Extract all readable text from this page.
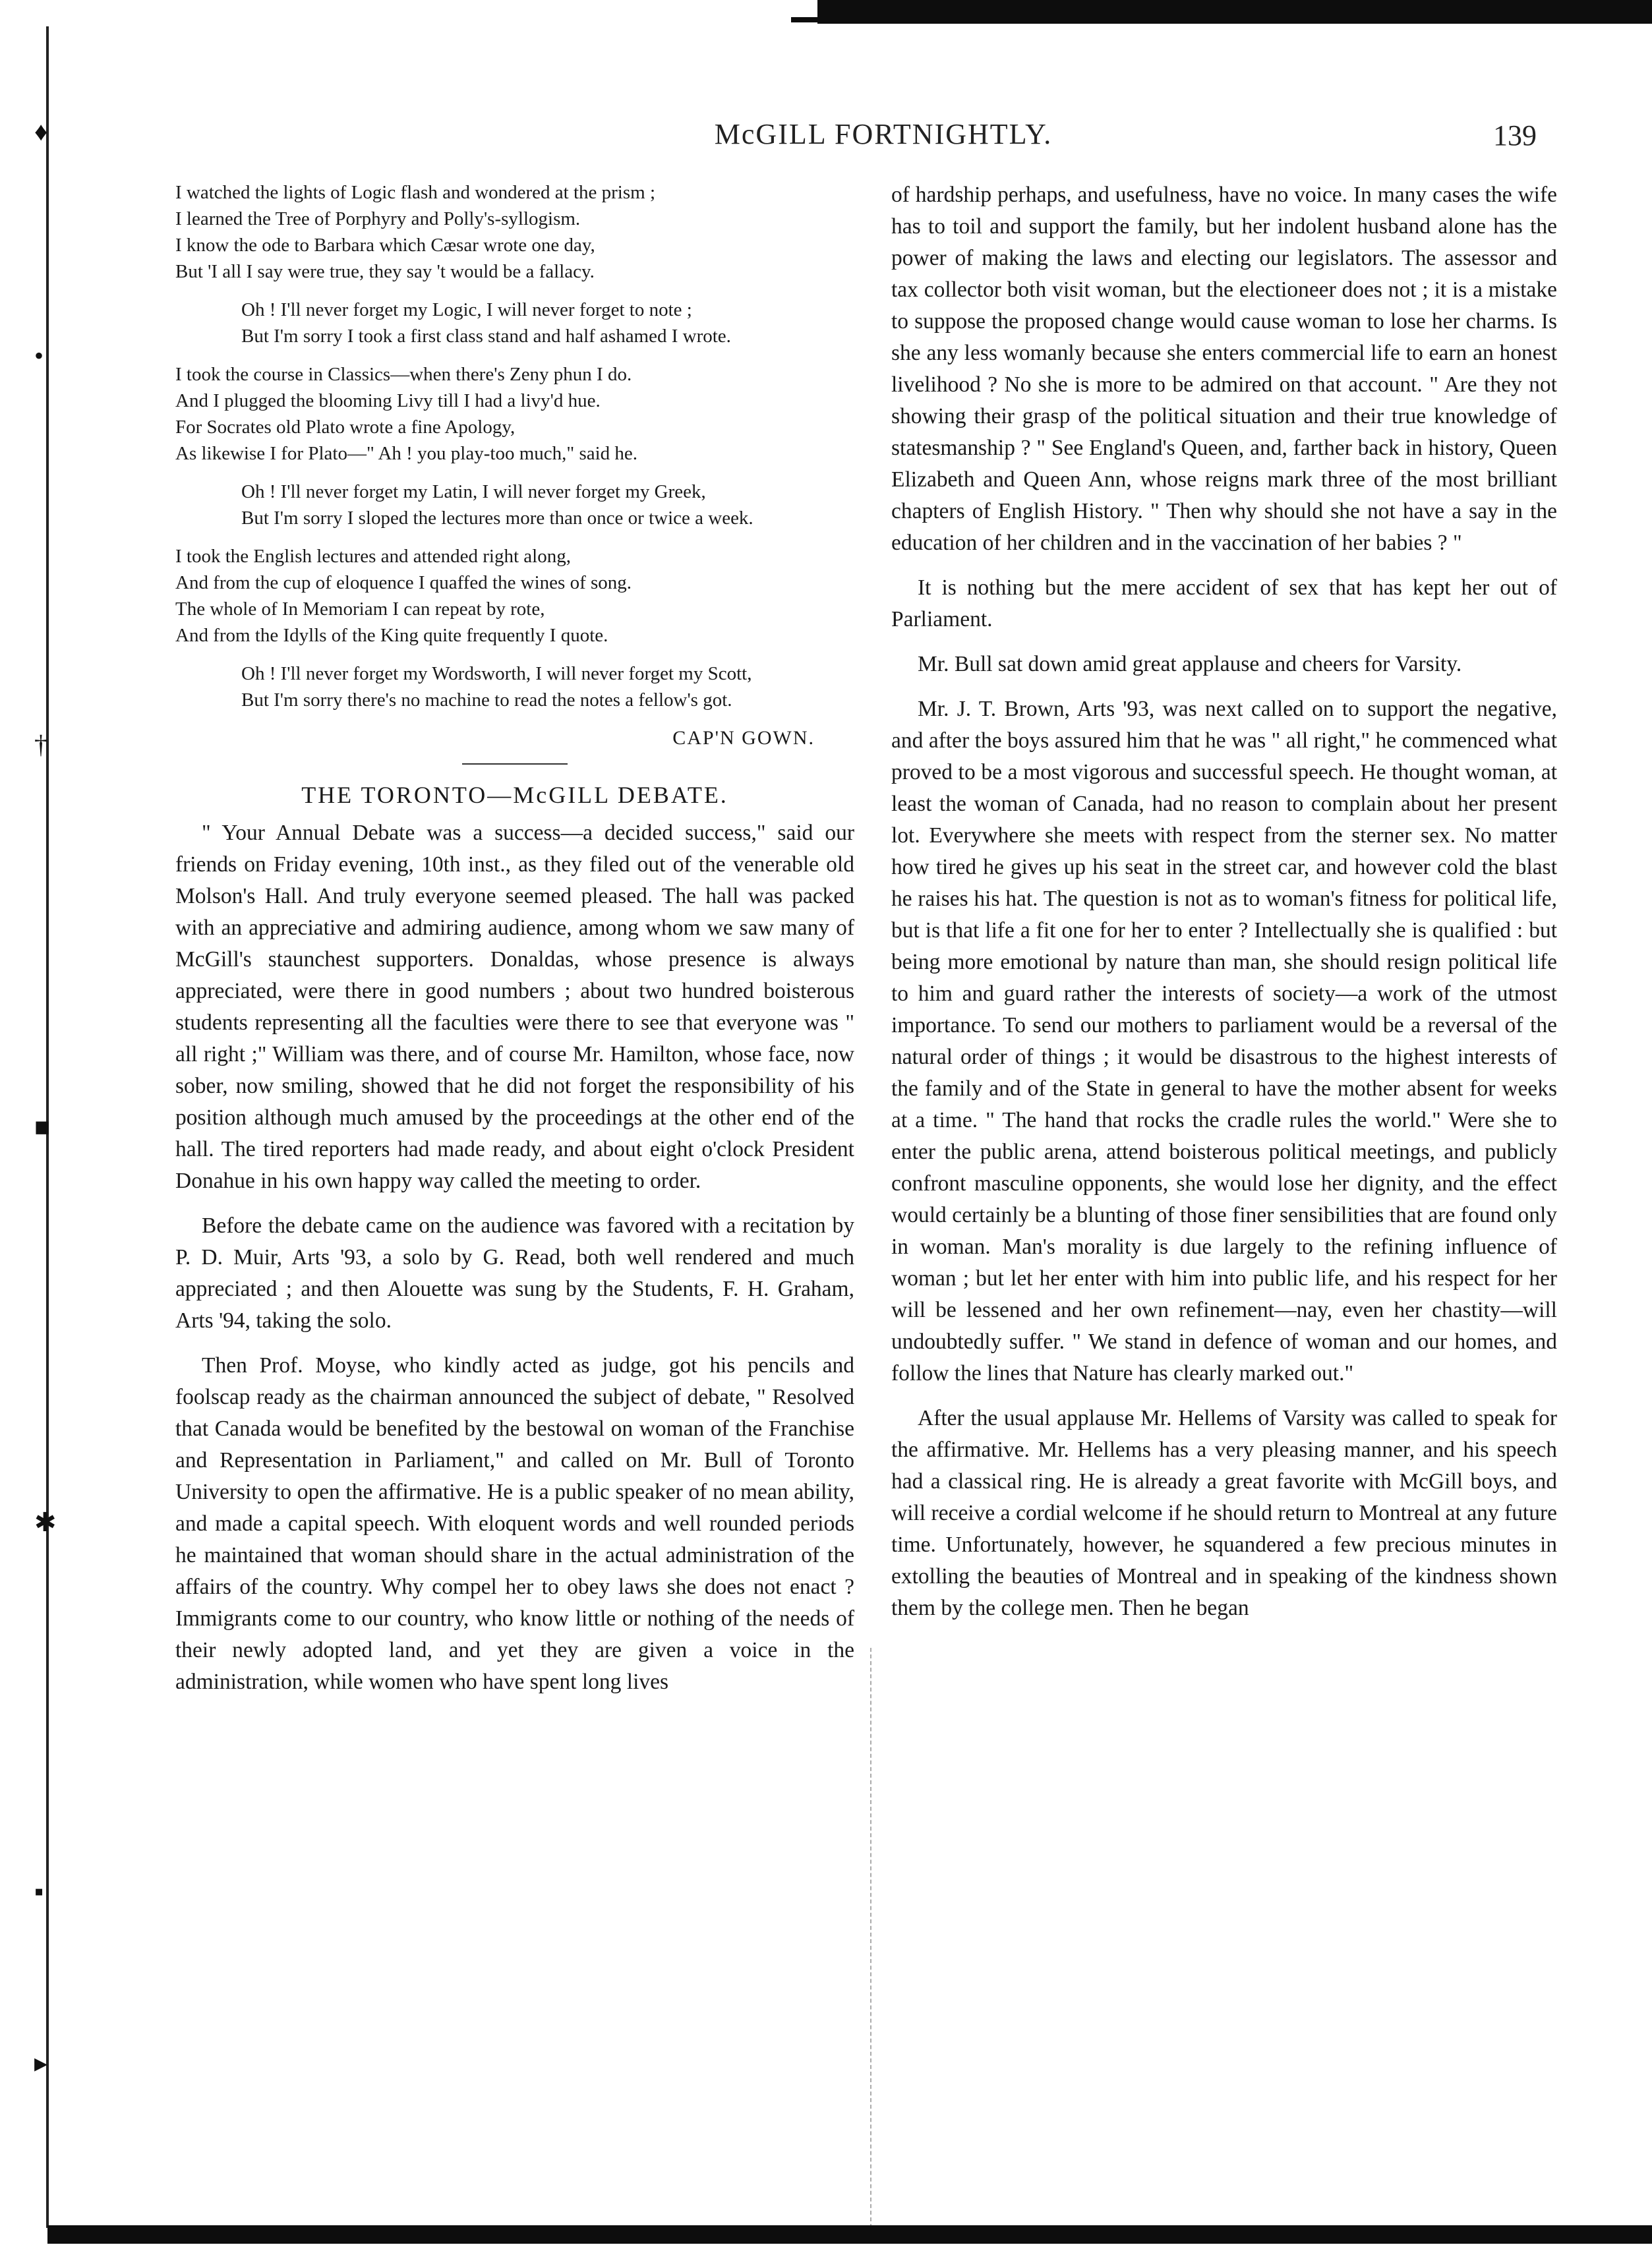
♦
•
†
■
✱
▪
▸
McGILL FORTNIGHTLY.	139
I watched the lights of Logic flash and wondered at the prism ;
I learned the Tree of Porphyry and Polly's-syllogism.
I know the ode to Barbara which Cæsar wrote one day,
But 'I all I say were true, they say 't would be a fallacy.
Oh ! I'll never forget my Logic, I will never forget to note ;
But I'm sorry I took a first class stand and half ashamed I wrote.
I took the course in Classics—when there's Zeny phun I do.
And I plugged the blooming Livy till I had a livy'd hue.
For Socrates old Plato wrote a fine Apology,
As likewise I for Plato—" Ah ! you play-too much," said he.
Oh ! I'll never forget my Latin, I will never forget my Greek,
But I'm sorry I sloped the lectures more than once or twice a week.
I took the English lectures and attended right along,
And from the cup of eloquence I quaffed the wines of song.
The whole of In Memoriam I can repeat by rote,
And from the Idylls of the King quite frequently I quote.
Oh ! I'll never forget my Wordsworth, I will never forget my Scott,
But I'm sorry there's no machine to read the notes a fellow's got.
CAP'N GOWN.
THE TORONTO—McGILL DEBATE.

" Your Annual Debate was a success—a decided success," said our friends on Friday evening, 10th inst., as they filed out of the venerable old Molson's Hall. And truly everyone seemed pleased. The hall was packed with an appreciative and admiring audience, among whom we saw many of McGill's staunchest supporters. Donaldas, whose presence is always appreciated, were there in good numbers ; about two hundred boisterous students representing all the faculties were there to see that everyone was " all right ;" William was there, and of course Mr. Hamilton, whose face, now sober, now smiling, showed that he did not forget the responsibility of his position although much amused by the proceedings at the other end of the hall. The tired reporters had made ready, and about eight o'clock President Donahue in his own happy way called the meeting to order.

Before the debate came on the audience was favored with a recitation by P. D. Muir, Arts '93, a solo by G. Read, both well rendered and much appreciated ; and then Alouette was sung by the Students, F. H. Graham, Arts '94, taking the solo.

Then Prof. Moyse, who kindly acted as judge, got his pencils and foolscap ready as the chairman announced the subject of debate, " Resolved that Canada would be benefited by the bestowal on woman of the Franchise and Representation in Parliament," and called on Mr. Bull of Toronto University to open the affirmative. He is a public speaker of no mean ability, and made a capital speech. With eloquent words and well rounded periods he maintained that woman should share in the actual administration of the affairs of the country. Why compel her to obey laws she does not enact ? Immigrants come to our country, who know little or nothing of the needs of their newly adopted land, and yet they are given a voice in the administration, while women who have spent long lives

of hardship perhaps, and usefulness, have no voice. In many cases the wife has to toil and support the family, but her indolent husband alone has the power of making the laws and electing our legislators. The assessor and tax collector both visit woman, but the electioneer does not ; it is a mistake to suppose the proposed change would cause woman to lose her charms. Is she any less womanly because she enters commercial life to earn an honest livelihood ? No she is more to be admired on that account. " Are they not showing their grasp of the political situation and their true knowledge of statesmanship ? " See England's Queen, and, farther back in history, Queen Elizabeth and Queen Ann, whose reigns mark three of the most brilliant chapters of English History. " Then why should she not have a say in the education of her children and in the vaccination of her babies ? "

It is nothing but the mere accident of sex that has kept her out of Parliament.

Mr. Bull sat down amid great applause and cheers for Varsity.

Mr. J. T. Brown, Arts '93, was next called on to support the negative, and after the boys assured him that he was " all right," he commenced what proved to be a most vigorous and successful speech. He thought woman, at least the woman of Canada, had no reason to complain about her present lot. Everywhere she meets with respect from the sterner sex. No matter how tired he gives up his seat in the street car, and however cold the blast he raises his hat. The question is not as to woman's fitness for political life, but is that life a fit one for her to enter ? Intellectually she is qualified : but being more emotional by nature than man, she should resign political life to him and guard rather the interests of society—a work of the utmost importance. To send our mothers to parliament would be a reversal of the natural order of things ; it would be disastrous to the highest interests of the family and of the State in general to have the mother absent for weeks at a time. " The hand that rocks the cradle rules the world." Were she to enter the public arena, attend boisterous political meetings, and publicly confront masculine opponents, she would lose her dignity, and the effect would certainly be a blunting of those finer sensibilities that are found only in woman. Man's morality is due largely to the refining influence of woman ; but let her enter with him into public life, and his respect for her will be lessened and her own refinement—nay, even her chastity—will undoubtedly suffer. " We stand in defence of woman and our homes, and follow the lines that Nature has clearly marked out."

After the usual applause Mr. Hellems of Varsity was called to speak for the affirmative. Mr. Hellems has a very pleasing manner, and his speech had a classical ring. He is already a great favorite with McGill boys, and will receive a cordial welcome if he should return to Montreal at any future time. Unfortunately, however, he squandered a few precious minutes in extolling the beauties of Montreal and in speaking of the kindness shown them by the college men. Then he began
